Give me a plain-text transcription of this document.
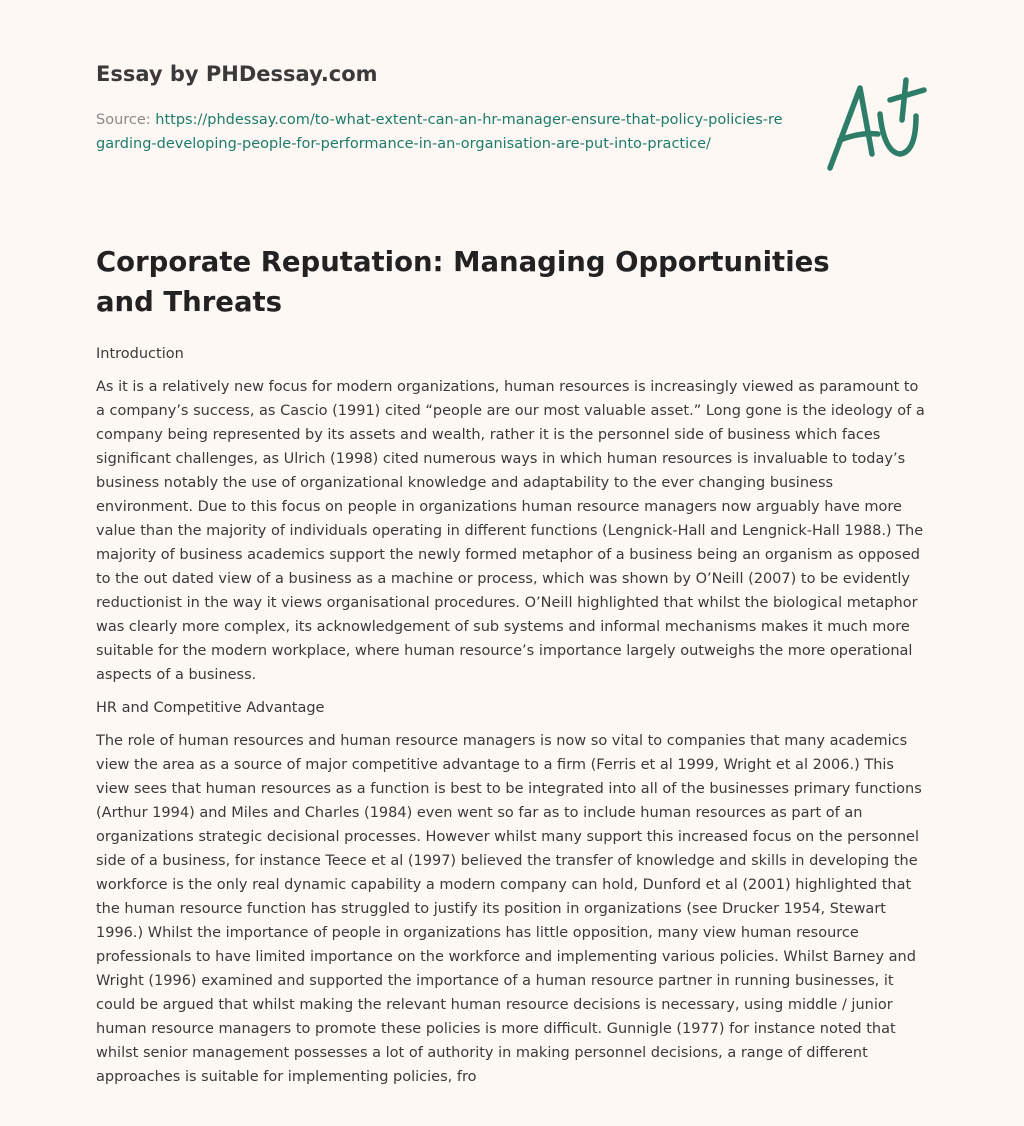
Essay by PHDessay.com
Source: https://phdessay.com/to-what-extent-can-an-hr-manager-ensure-that-policy-policies-regarding-developing-people-for-performance-in-an-organisation-are-put-into-practice/
Corporate Reputation: Managing Opportunities and Threats

Introduction

As it is a relatively new focus for modern organizations, human resources is increasingly viewed as paramount to a company’s success, as Cascio (1991) cited “people are our most valuable asset.” Long gone is the ideology of a company being represented by its assets and wealth, rather it is the personnel side of business which faces significant challenges, as Ulrich (1998) cited numerous ways in which human resources is invaluable to today’s business notably the use of organizational knowledge and adaptability to the ever changing business environment. Due to this focus on people in organizations human resource managers now arguably have more value than the majority of individuals operating in different functions (Lengnick-Hall and Lengnick-Hall 1988.) The majority of business academics support the newly formed metaphor of a business being an organism as opposed to the out dated view of a business as a machine or process, which was shown by O’Neill (2007) to be evidently reductionist in the way it views organisational procedures. O’Neill highlighted that whilst the biological metaphor was clearly more complex, its acknowledgement of sub systems and informal mechanisms makes it much more suitable for the modern workplace, where human resource’s importance largely outweighs the more operational aspects of a business.

HR and Competitive Advantage

The role of human resources and human resource managers is now so vital to companies that many academics view the area as a source of major competitive advantage to a firm (Ferris et al 1999, Wright et al 2006.) This view sees that human resources as a function is best to be integrated into all of the businesses primary functions (Arthur 1994) and Miles and Charles (1984) even went so far as to include human resources as part of an organizations strategic decisional processes. However whilst many support this increased focus on the personnel side of a business, for instance Teece et al (1997) believed the transfer of knowledge and skills in developing the workforce is the only real dynamic capability a modern company can hold, Dunford et al (2001) highlighted that the human resource function has struggled to justify its position in organizations (see Drucker 1954, Stewart 1996.) Whilst the importance of people in organizations has little opposition, many view human resource professionals to have limited importance on the workforce and implementing various policies. Whilst Barney and Wright (1996) examined and supported the importance of a human resource partner in running businesses, it could be argued that whilst making the relevant human resource decisions is necessary, using middle / junior human resource managers to promote these policies is more difficult. Gunnigle (1977) for instance noted that whilst senior management possesses a lot of authority in making personnel decisions, a range of different approaches is suitable for implementing policies, fro
